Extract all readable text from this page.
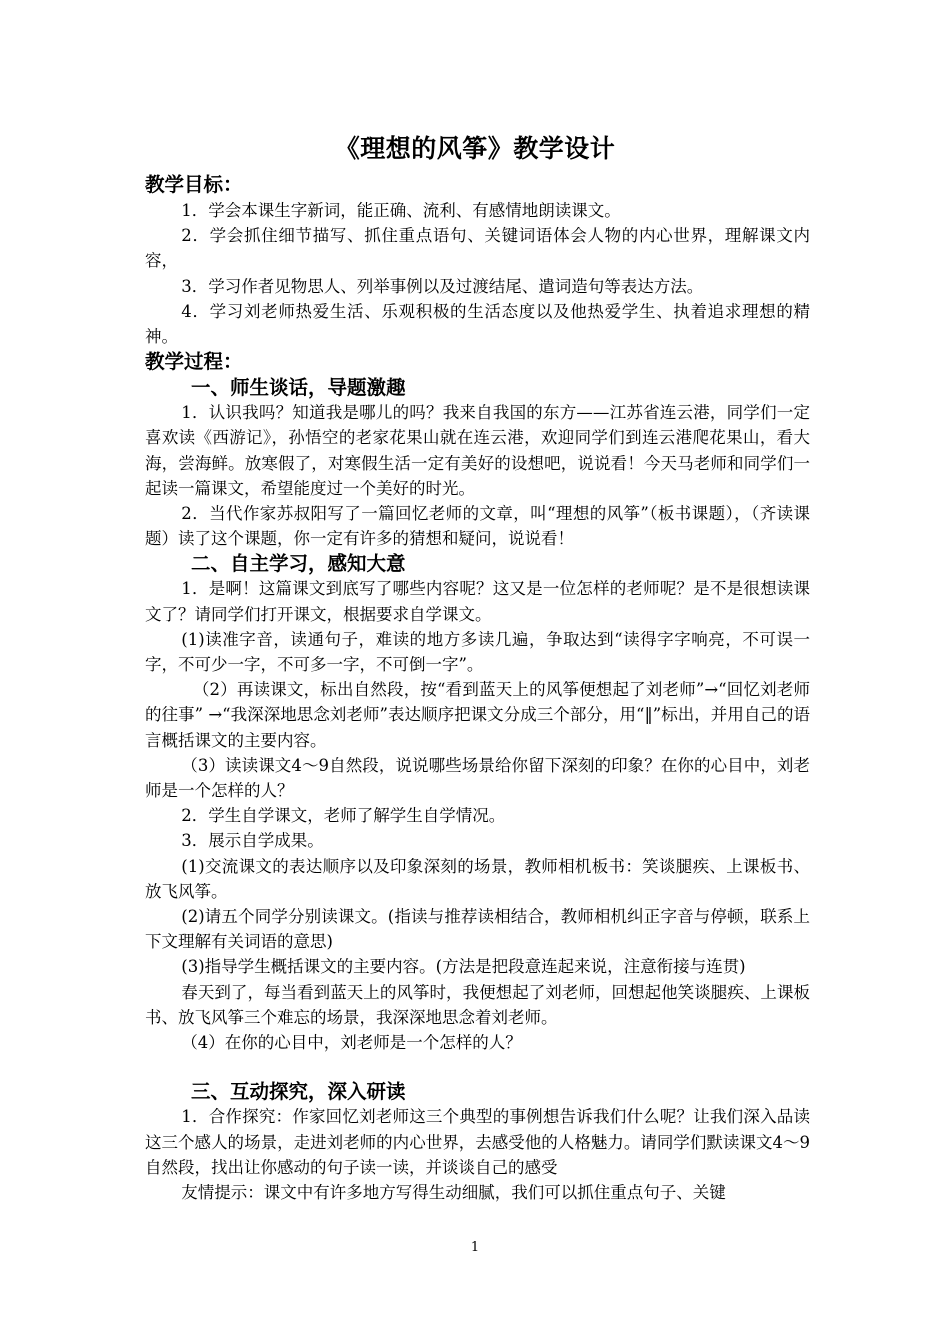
《理想的风筝》教学设计
教学目标：

1．学会本课生字新词，能正确、流利、有感情地朗读课文。

2．学会抓住细节描写、抓住重点语句、关键词语体会人物的内心世界，理解课文内容，

3．学习作者见物思人、列举事例以及过渡结尾、遣词造句等表达方法。

4．学习刘老师热爱生活、乐观积极的生活态度以及他热爱学生、执着追求理想的精神。

教学过程：
一、师生谈话，导题激趣

1．认识我吗？知道我是哪儿的吗？我来自我国的东方——江苏省连云港，同学们一定喜欢读《西游记》，孙悟空的老家花果山就在连云港，欢迎同学们到连云港爬花果山，看大海，尝海鲜。放寒假了，对寒假生活一定有美好的设想吧，说说看！今天马老师和同学们一起读一篇课文，希望能度过一个美好的时光。

2．当代作家苏叔阳写了一篇回忆老师的文章，叫“理想的风筝”（板书课题），（齐读课题）读了这个课题，你一定有许多的猜想和疑问，说说看！

二、自主学习，感知大意

1．是啊！这篇课文到底写了哪些内容呢？这又是一位怎样的老师呢？是不是很想读课文了？请同学们打开课文，根据要求自学课文。

(1)读准字音，读通句子，难读的地方多读几遍，争取达到“读得字字响亮，不可误一字，不可少一字，不可多一字，不可倒一字”。

（2）再读课文，标出自然段，按“看到蓝天上的风筝便想起了刘老师”→“回忆刘老师的往事” →“我深深地思念刘老师”表达顺序把课文分成三个部分，用“‖”标出，并用自己的语言概括课文的主要内容。

（3）读读课文4～9自然段，说说哪些场景给你留下深刻的印象？在你的心目中，刘老师是一个怎样的人？

2．学生自学课文，老师了解学生自学情况。

3．展示自学成果。

(1)交流课文的表达顺序以及印象深刻的场景，教师相机板书：笑谈腿疾、上课板书、放飞风筝。

(2)请五个同学分别读课文。(指读与推荐读相结合，教师相机纠正字音与停顿，联系上下文理解有关词语的意思)

(3)指导学生概括课文的主要内容。(方法是把段意连起来说，注意衔接与连贯)

春天到了，每当看到蓝天上的风筝时，我便想起了刘老师，回想起他笑谈腿疾、上课板书、放飞风筝三个难忘的场景，我深深地思念着刘老师。

（4）在你的心目中，刘老师是一个怎样的人？

三、互动探究，深入研读

1．合作探究：作家回忆刘老师这三个典型的事例想告诉我们什么呢？让我们深入品读这三个感人的场景，走进刘老师的内心世界，去感受他的人格魅力。请同学们默读课文4～9自然段，找出让你感动的句子读一读，并谈谈自己的感受

友情提示：课文中有许多地方写得生动细腻，我们可以抓住重点句子、关键

1
